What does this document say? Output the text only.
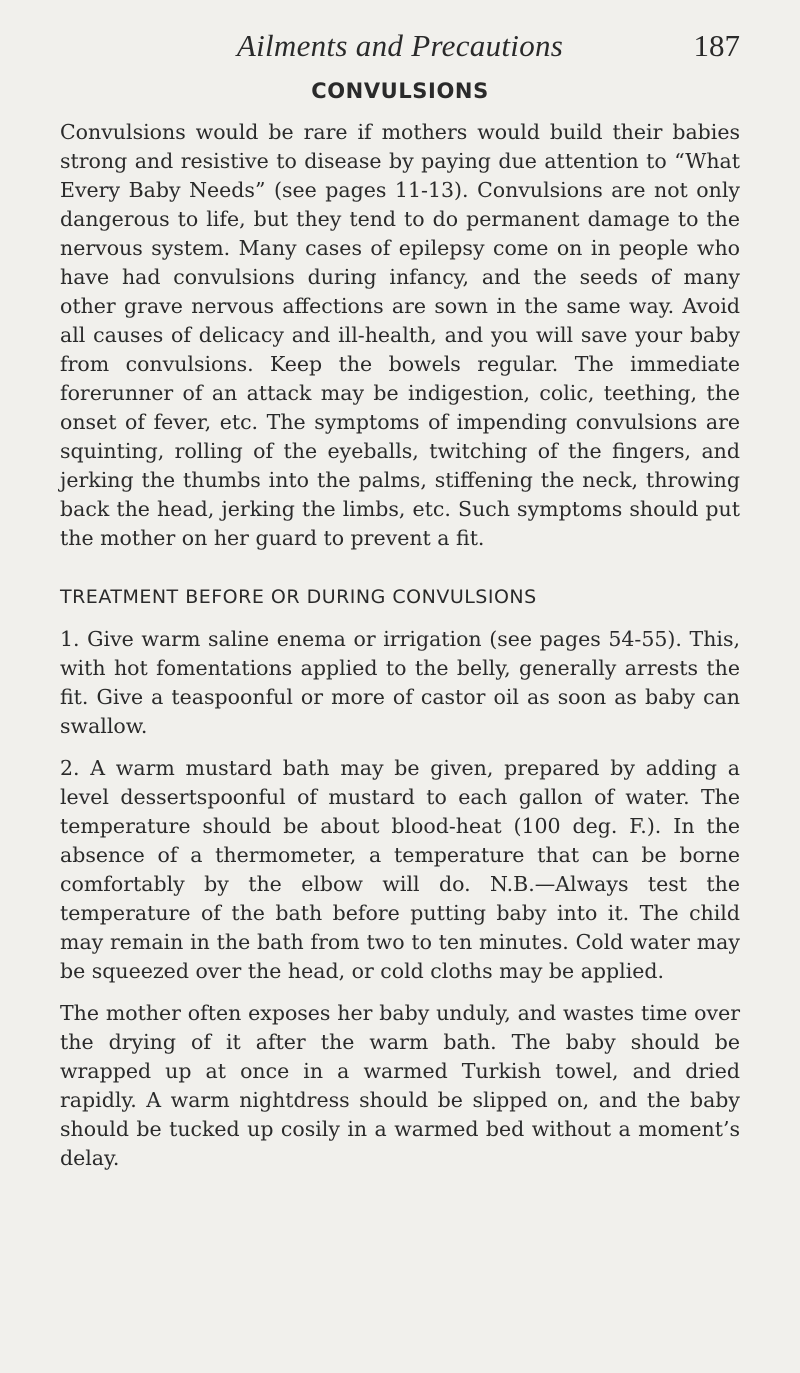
Ailments and Precautions	187
CONVULSIONS

Convulsions would be rare if mothers would build their babies strong and resistive to disease by paying due attention to “What Every Baby Needs” (see pages 11-13). Convulsions are not only dangerous to life, but they tend to do permanent damage to the nervous system. Many cases of epilepsy come on in people who have had convulsions during infancy, and the seeds of many other grave nervous affections are sown in the same way. Avoid all causes of delicacy and ill-health, and you will save your baby from convulsions. Keep the bowels regular. The immediate forerunner of an attack may be indigestion, colic, teething, the onset of fever, etc. The symptoms of impending convulsions are squinting, rolling of the eyeballs, twitching of the fingers, and jerking the thumbs into the palms, stiffening the neck, throwing back the head, jerking the limbs, etc. Such symptoms should put the mother on her guard to prevent a fit.

TREATMENT BEFORE OR DURING CONVULSIONS

1. Give warm saline enema or irrigation (see pages 54-55). This, with hot fomentations applied to the belly, generally arrests the fit. Give a teaspoonful or more of castor oil as soon as baby can swallow.

2. A warm mustard bath may be given, prepared by adding a level dessertspoonful of mustard to each gallon of water. The temperature should be about blood-heat (100 deg. F.). In the absence of a thermometer, a temperature that can be borne comfortably by the elbow will do. N.B.—Always test the temperature of the bath before putting baby into it. The child may remain in the bath from two to ten minutes. Cold water may be squeezed over the head, or cold cloths may be applied.

The mother often exposes her baby unduly, and wastes time over the drying of it after the warm bath. The baby should be wrapped up at once in a warmed Turkish towel, and dried rapidly. A warm nightdress should be slipped on, and the baby should be tucked up cosily in a warmed bed without a moment’s delay.
